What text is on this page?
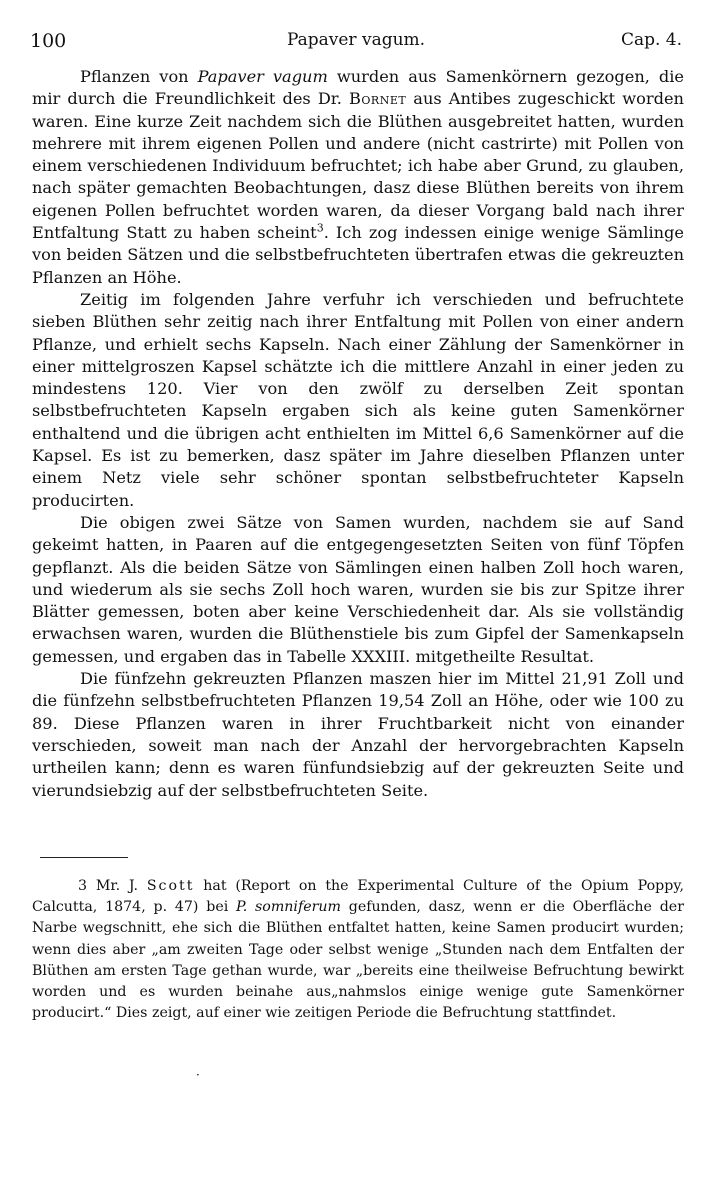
100	Papaver vagum.	Cap. 4.

Pflanzen von Papaver vagum wurden aus Samenkörnern gezogen, die mir durch die Freundlichkeit des Dr. Bornet aus Antibes zugeschickt worden waren. Eine kurze Zeit nachdem sich die Blüthen ausgebreitet hatten, wurden mehrere mit ihrem eigenen Pollen und andere (nicht castrirte) mit Pollen von einem verschiedenen Individuum befruchtet; ich habe aber Grund, zu glauben, nach später gemachten Beobachtungen, dasz diese Blüthen bereits von ihrem eigenen Pollen befruchtet worden waren, da dieser Vorgang bald nach ihrer Entfaltung Statt zu haben scheint$^3$. Ich zog indessen einige wenige Sämlinge von beiden Sätzen und die selbstbefruchteten übertrafen etwas die gekreuzten Pflanzen an Höhe.

Zeitig im folgenden Jahre verfuhr ich verschieden und befruchtete sieben Blüthen sehr zeitig nach ihrer Entfaltung mit Pollen von einer andern Pflanze, und erhielt sechs Kapseln. Nach einer Zählung der Samenkörner in einer mittelgroszen Kapsel schätzte ich die mittlere Anzahl in einer jeden zu mindestens 120. Vier von den zwölf zu derselben Zeit spontan selbstbefruchteten Kapseln ergaben sich als keine guten Samenkörner enthaltend und die übrigen acht enthielten im Mittel 6,6 Samenkörner auf die Kapsel. Es ist zu bemerken, dasz später im Jahre dieselben Pflanzen unter einem Netz viele sehr schöner spontan selbstbefruchteter Kapseln producirten.

Die obigen zwei Sätze von Samen wurden, nachdem sie auf Sand gekeimt hatten, in Paaren auf die entgegengesetzten Seiten von fünf Töpfen gepflanzt. Als die beiden Sätze von Sämlingen einen halben Zoll hoch waren, und wiederum als sie sechs Zoll hoch waren, wurden sie bis zur Spitze ihrer Blätter gemessen, boten aber keine Verschiedenheit dar. Als sie vollständig erwachsen waren, wurden die Blüthenstiele bis zum Gipfel der Samenkapseln gemessen, und ergaben das in Tabelle XXXIII. mitgetheilte Resultat.

Die fünfzehn gekreuzten Pflanzen maszen hier im Mittel 21,91 Zoll und die fünfzehn selbstbefruchteten Pflanzen 19,54 Zoll an Höhe, oder wie 100 zu 89. Diese Pflanzen waren in ihrer Fruchtbarkeit nicht von einander verschieden, soweit man nach der Anzahl der hervorgebrachten Kapseln urtheilen kann; denn es waren fünfundsiebzig auf der gekreuzten Seite und vierundsiebzig auf der selbstbefruchteten Seite.

3 Mr. J. Scott hat (Report on the Experimental Culture of the Opium Poppy, Calcutta, 1874, p. 47) bei P. somniferum gefunden, dasz, wenn er die Oberfläche der Narbe wegschnitt, ehe sich die Blüthen entfaltet hatten, keine Samen producirt wurden; wenn dies aber „am zweiten Tage oder selbst wenige „Stunden nach dem Entfalten der Blüthen am ersten Tage gethan wurde, war „bereits eine theilweise Befruchtung bewirkt worden und es wurden beinahe aus„nahmslos einige wenige gute Samenkörner producirt.“ Dies zeigt, auf einer wie zeitigen Periode die Befruchtung stattfindet.

·
